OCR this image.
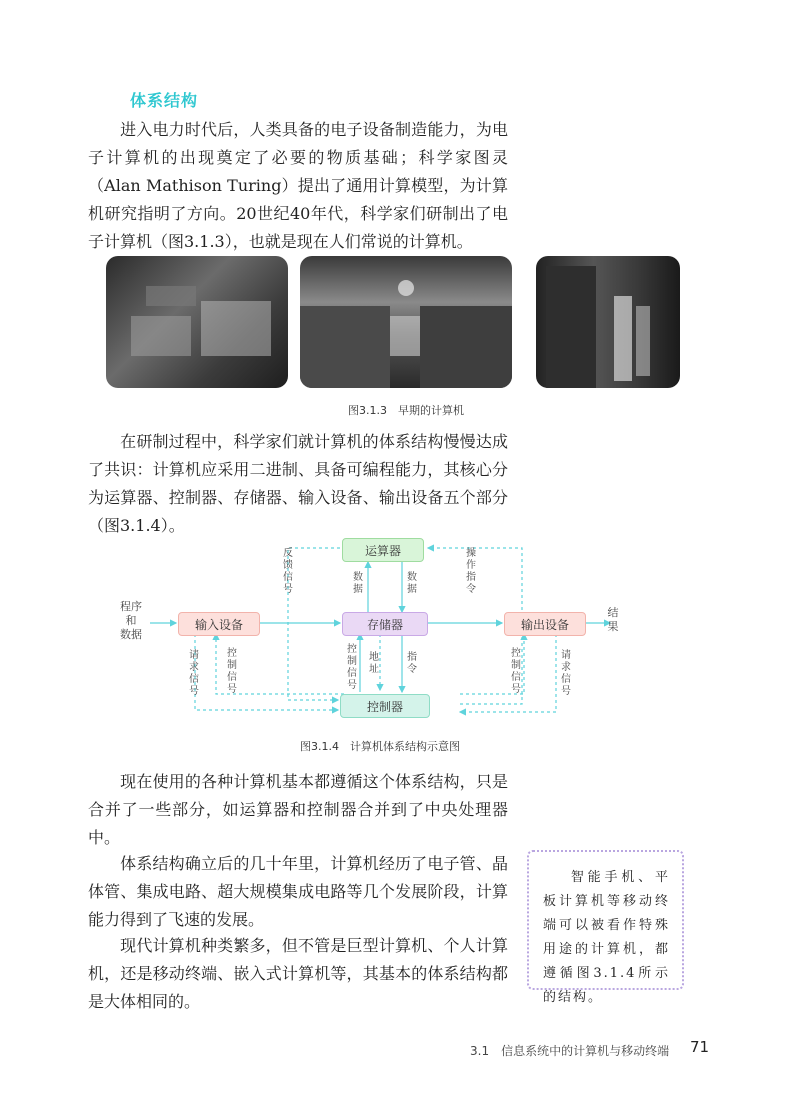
体系结构

进入电力时代后，人类具备的电子设备制造能力，为电子计算机的出现奠定了必要的物质基础；科学家图灵（Alan Mathison Turing）提出了通用计算模型，为计算机研究指明了方向。20世纪40年代，科学家们研制出了电子计算机（图3.1.3），也就是现在人们常说的计算机。

图3.1.3　早期的计算机

在研制过程中，科学家们就计算机的体系结构慢慢达成了共识：计算机应采用二进制、具备可编程能力，其核心分为运算器、控制器、存储器、输入设备、输出设备五个部分（图3.1.4）。

运算器
输入设备	存储器	输出设备
控制器
程序
和
数据
结
果
反馈信号
操作指令
数据
数据
请求信号
控制信号
控制信号
地址
指令
控制信号
请求信号
图3.1.4　计算机体系结构示意图

现在使用的各种计算机基本都遵循这个体系结构，只是合并了一些部分，如运算器和控制器合并到了中央处理器中。

体系结构确立后的几十年里，计算机经历了电子管、晶体管、集成电路、超大规模集成电路等几个发展阶段，计算能力得到了飞速的发展。

现代计算机种类繁多，但不管是巨型计算机、个人计算机，还是移动终端、嵌入式计算机等，其基本的体系结构都是大体相同的。

智能手机、平板计算机等移动终端可以被看作特殊用途的计算机，都遵循图3.1.4所示的结构。
3.1　信息系统中的计算机与移动终端 71
